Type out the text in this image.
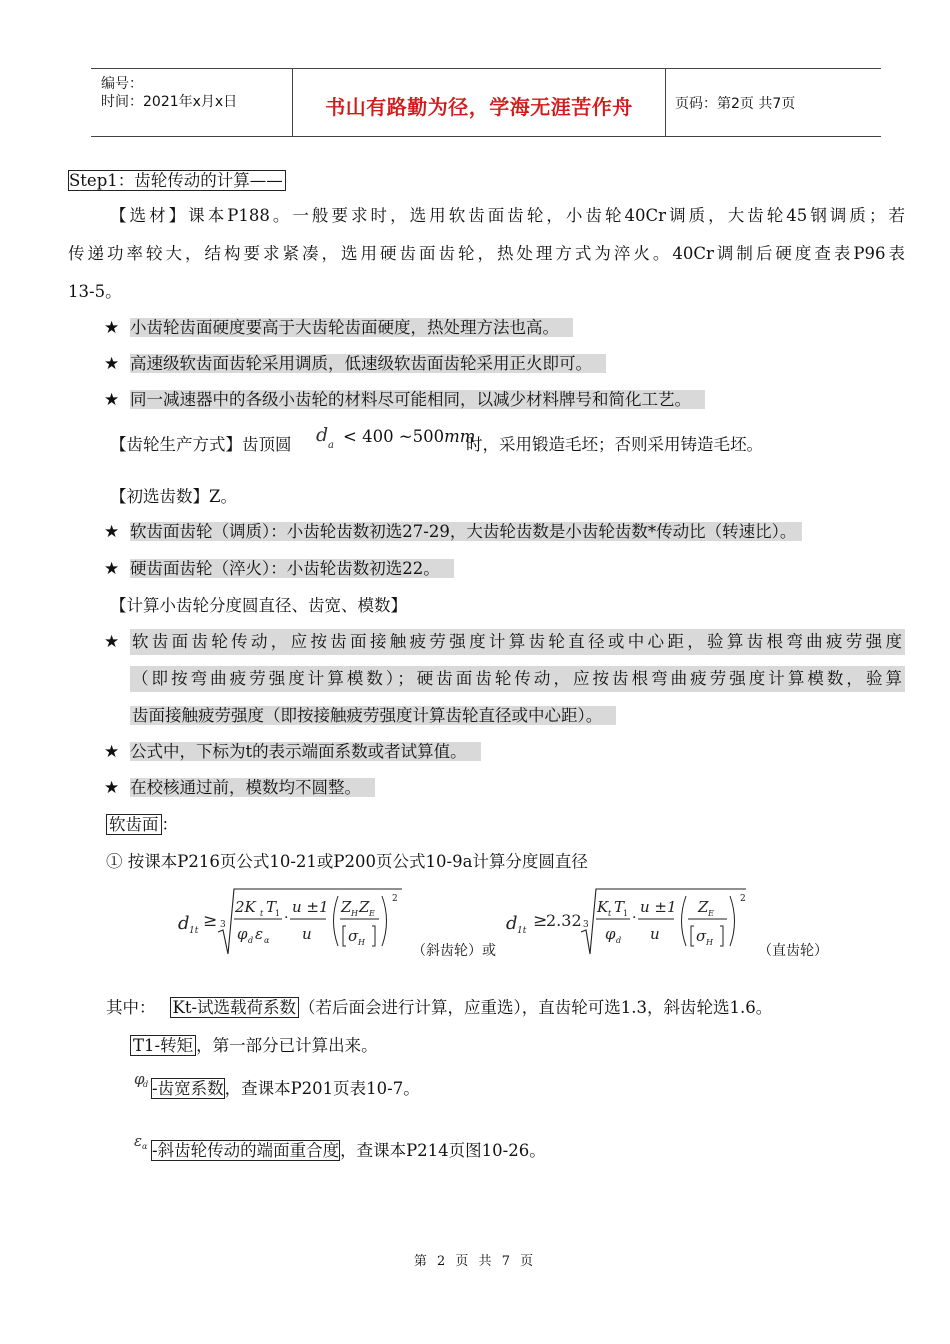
编号：
时间：2021年x月x日	书山有路勤为径，学海无涯苦作舟	页码：第2页 共7页
Step1：齿轮传动的计算——
【选材】课本P188。一般要求时，选用软齿面齿轮，小齿轮40Cr调质，大齿轮45钢调质；若
传递功率较大，结构要求紧凑，选用硬齿面齿轮，热处理方式为淬火。40Cr调制后硬度查表P96表
13-5。
★ 小齿轮齿面硬度要高于大齿轮齿面硬度，热处理方法也高。
★ 高速级软齿面齿轮采用调质，低速级软齿面齿轮采用正火即可。
★ 同一减速器中的各级小齿轮的材料尽可能相同，以减少材料牌号和简化工艺。
【齿轮生产方式】齿顶圆 d a < 400 ~500mm
时，采用锻造毛坯；否则采用铸造毛坯。
【初选齿数】Z。
★ 软齿面齿轮（调质）：小齿轮齿数初选27-29，大齿轮齿数是小齿轮齿数*传动比（转速比）。
★ 硬齿面齿轮（淬火）：小齿轮齿数初选22。
【计算小齿轮分度圆直径、齿宽、模数】
★ 软齿面齿轮传动，应按齿面接触疲劳强度计算齿轮直径或中心距，验算齿根弯曲疲劳强度
（即按弯曲疲劳强度计算模数）；硬齿面齿轮传动，应按齿根弯曲疲劳强度计算模数，验算
齿面接触疲劳强度（即按接触疲劳强度计算齿轮直径或中心距）。
★ 公式中，下标为t的表示端面系数或者试算值。
★ 在校核通过前，模数均不圆整。
软齿面 ：
① 按课本P216页公式10-21或P200页公式10-9a计算分度圆直径
d 1t ≥ 3
2K t T
1
φ d ε α
·
u ±1
u
Z H Z E
σ H
2
（斜齿轮）或
d 1t ≥
2.32 3
K t T
1
φ d
·
u ±1
u
Z E
σ H
2
（直齿轮）
其中： Kt-试选载荷系数 （若后面会进行计算，应重选），直齿轮可选1.3，斜齿轮选1.6。
T1-转矩 ，第一部分已计算出来。
φ
d -齿宽系数，查课本P201页表10-7。
ε α -斜齿轮传动的端面重合度，查课本P214页图10-26。
第 2 页 共 7 页
